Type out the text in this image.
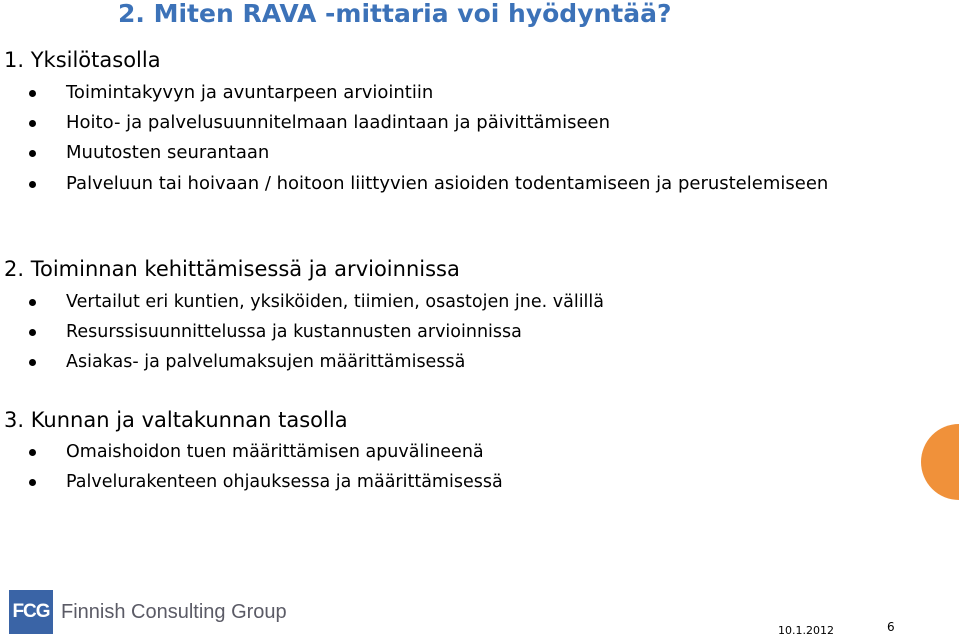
2. Miten RAVA -mittaria voi hyödyntää?
1. Yksilötasolla
Toimintakyvyn ja avuntarpeen arviointiin
Hoito- ja palvelusuunnitelmaan laadintaan ja päivittämiseen
Muutosten seurantaan
Palveluun tai hoivaan / hoitoon liittyvien asioiden todentamiseen ja perustelemiseen
2. Toiminnan kehittämisessä ja arvioinnissa
Vertailut eri kuntien, yksiköiden, tiimien, osastojen jne. välillä
Resurssisuunnittelussa ja kustannusten arvioinnissa
Asiakas- ja palvelumaksujen määrittämisessä
3. Kunnan ja valtakunnan tasolla
Omaishoidon tuen määrittämisen apuvälineenä
Palvelurakenteen ohjauksessa ja määrittämisessä
FCG Finnish Consulting Group
10.1.2012	6
